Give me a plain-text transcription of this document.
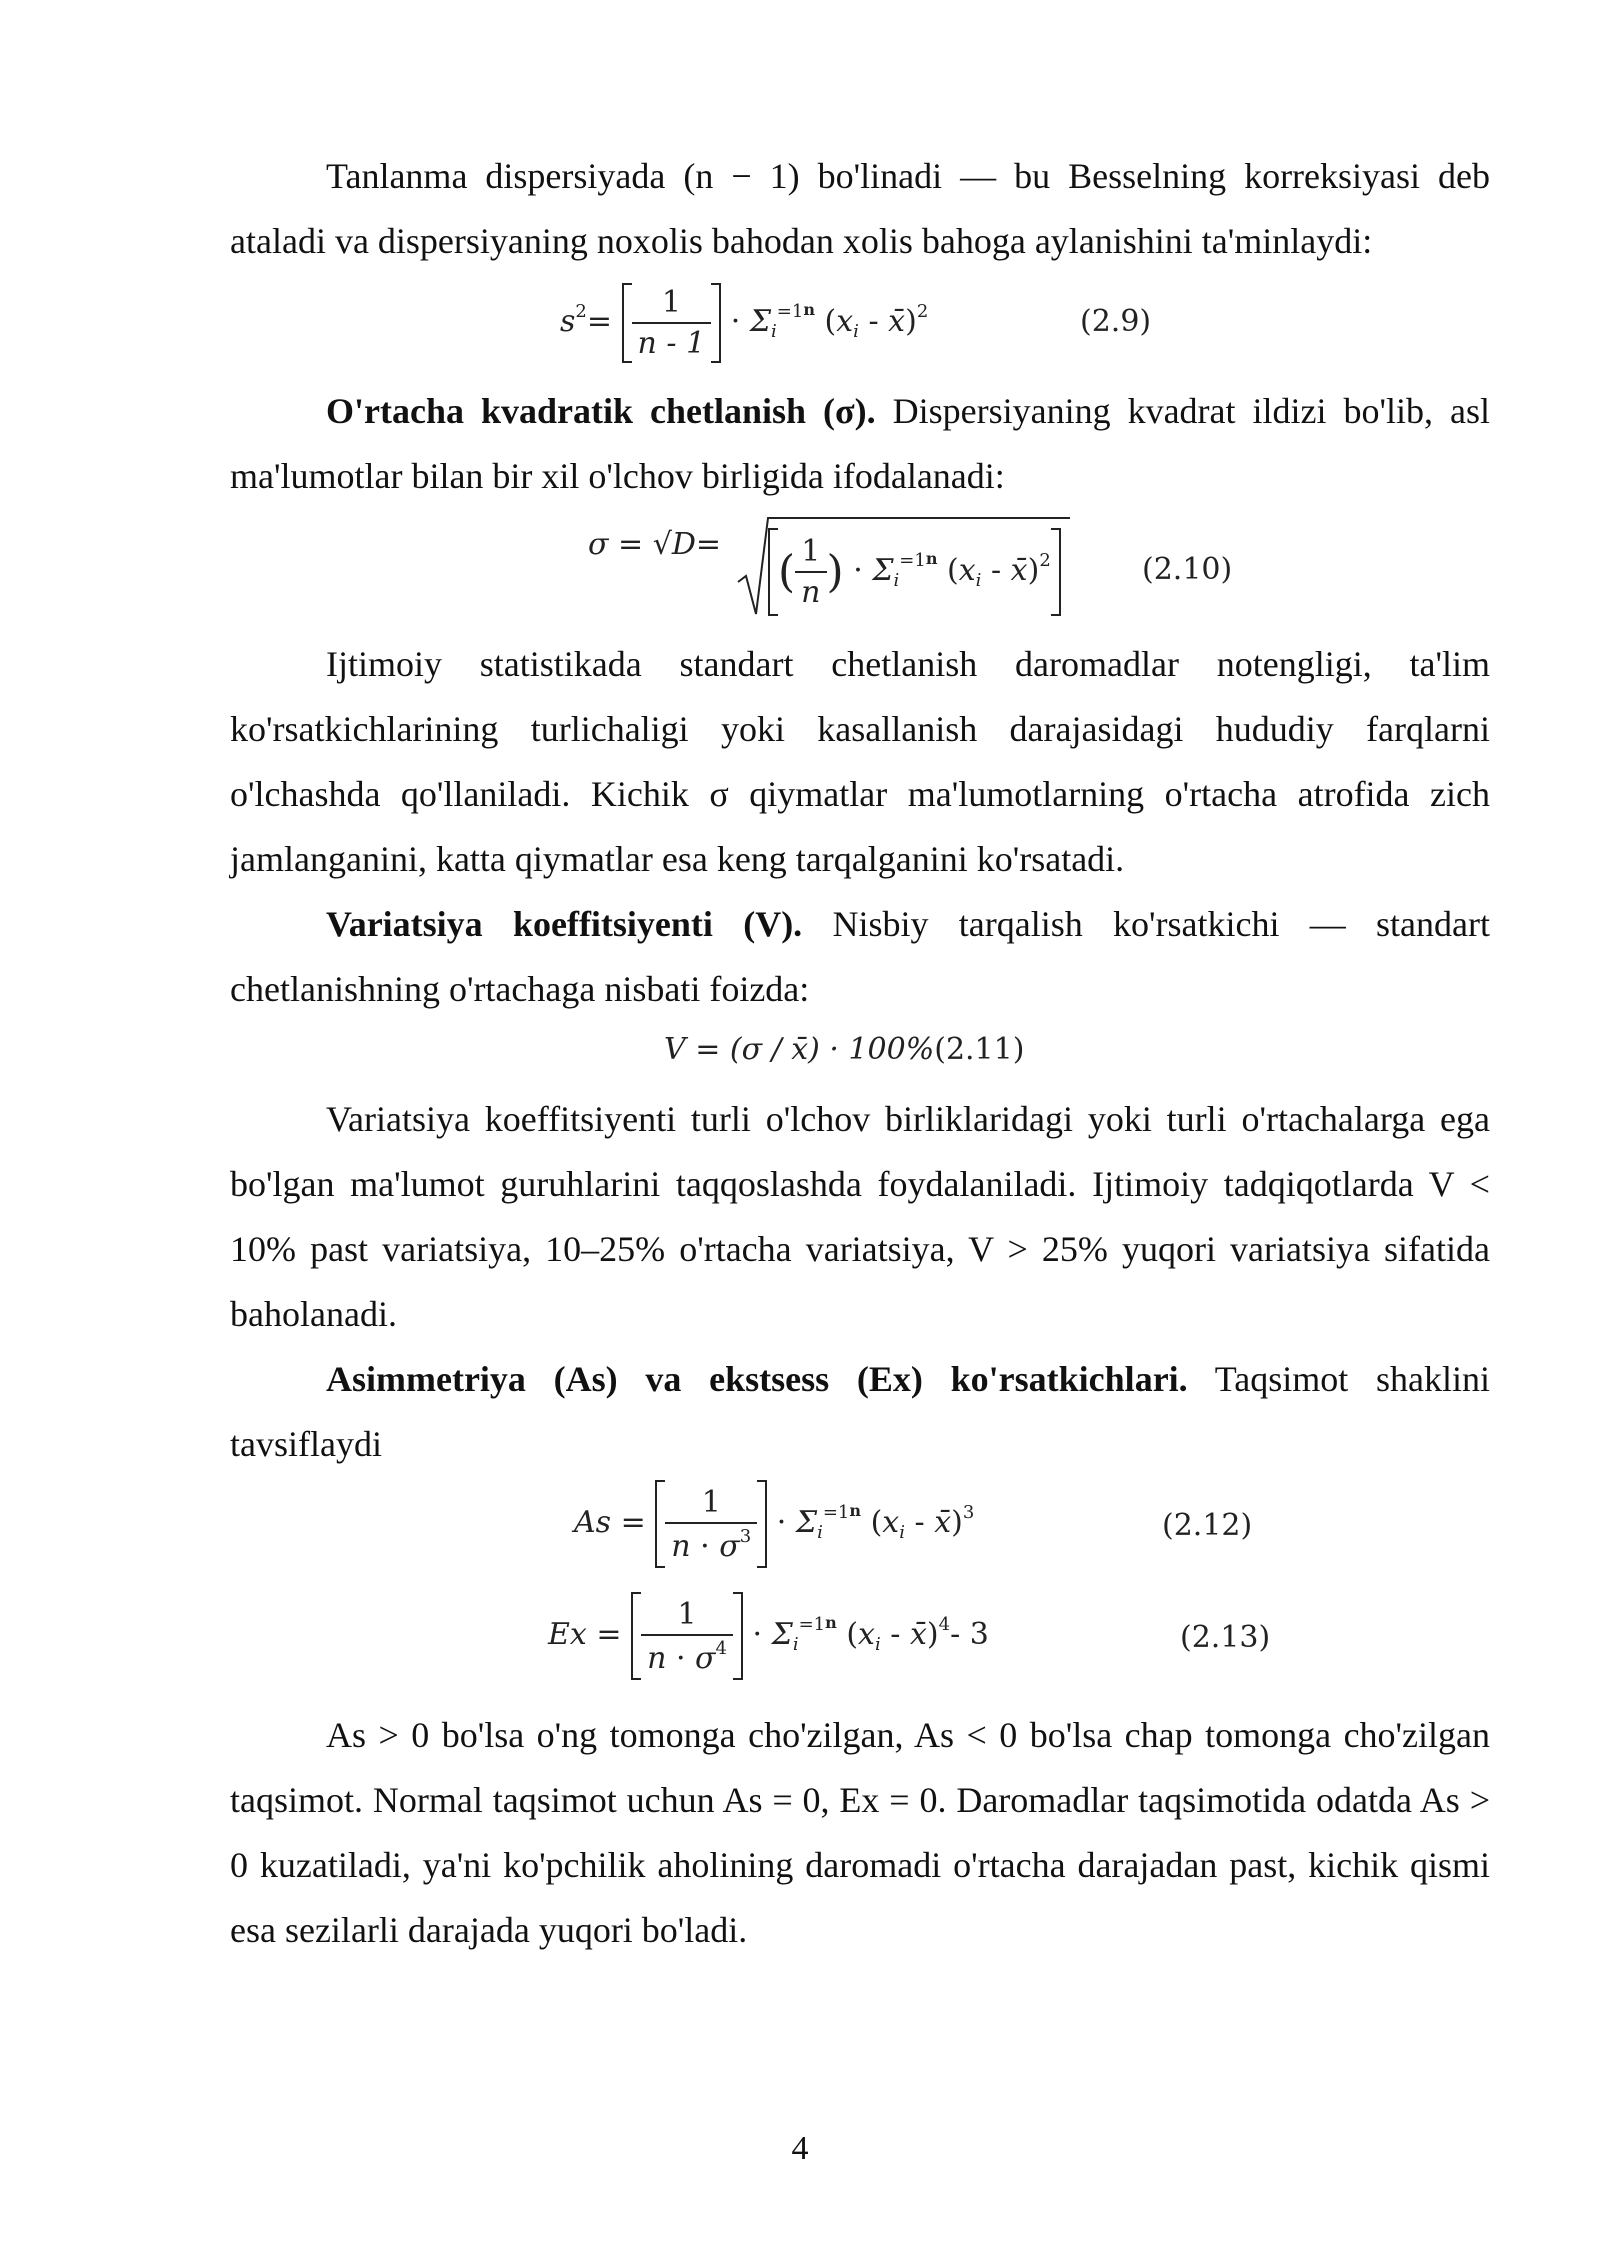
Tanlanma dispersiyada (n − 1) bo'linadi — bu Besselning korreksiyasi deb ataladi va dispersiyaning noxolis bahodan xolis bahoga aylanishini ta'minlaydi:

$s^2= \frac{1}{n - 1} \cdot \Sigma_i^{=1n}$ ($x_i$ - x̄)$^2$	(2.9)

O'rtacha kvadratik chetlanish (σ). Dispersiyaning kvadrat ildizi bo'lib, asl ma'lumotlar bilan bir xil o'lchov birligida ifodalanadi:

σ = √D=
( $\frac{1}{n}$ ) · $\Sigma_i^{=1n}$ ($x_i$ - x̄)$^2$	(2.10)

Ijtimoiy statistikada standart chetlanish daromadlar notengligi, ta'lim ko'rsatkichlarining turlichaligi yoki kasallanish darajasidagi hududiy farqlarni o'lchashda qo'llaniladi. Kichik σ qiymatlar ma'lumotlarning o'rtacha atrofida zich jamlanganini, katta qiymatlar esa keng tarqalganini ko'rsatadi.

Variatsiya koeffitsiyenti (V). Nisbiy tarqalish ko'rsatkichi — standart chetlanishning o'rtachaga nisbati foizda:

V = (σ / x̄) · 100%(2.11)

Variatsiya koeffitsiyenti turli o'lchov birliklaridagi yoki turli o'rtachalarga ega bo'lgan ma'lumot guruhlarini taqqoslashda foydalaniladi. Ijtimoiy tadqiqotlarda V < 10% past variatsiya, 10–25% o'rtacha variatsiya, V > 25% yuqori variatsiya sifatida baholanadi.

Asimmetriya (As) va ekstsess (Ex) ko'rsatkichlari. Taqsimot shaklini tavsiflaydi

$As = \frac{1}{n \cdot \sigma^3} \cdot \Sigma_i^{=1n}$ ($x_i$ - x̄)$^3$	(2.12)
$Ex = \frac{1}{n \cdot \sigma^4} \cdot \Sigma_i^{=1n}$ ($x_i$ - x̄)$^4$- 3	(2.13)

As > 0 bo'lsa o'ng tomonga cho'zilgan, As < 0 bo'lsa chap tomonga cho'zilgan taqsimot. Normal taqsimot uchun As = 0, Ex = 0. Daromadlar taqsimotida odatda As > 0 kuzatiladi, ya'ni ko'pchilik aholining daromadi o'rtacha darajadan past, kichik qismi esa sezilarli darajada yuqori bo'ladi.

4
